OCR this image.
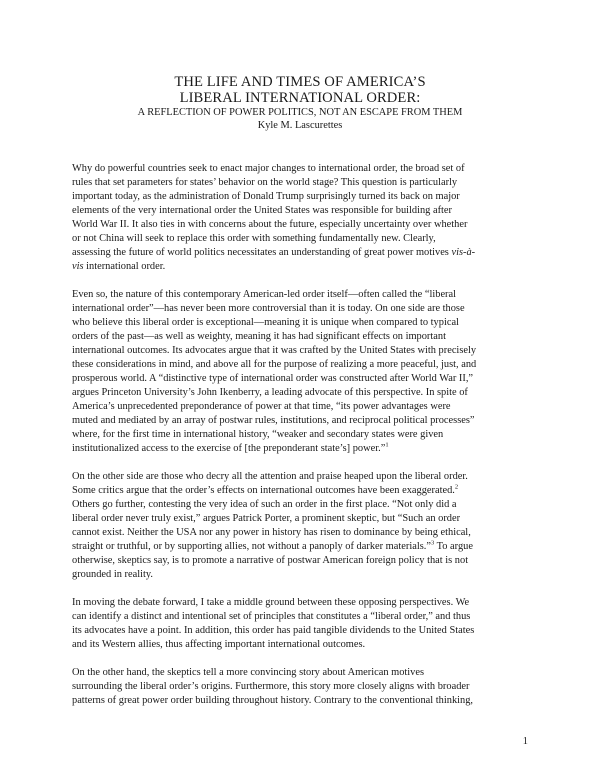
THE LIFE AND TIMES OF AMERICA’S
LIBERAL INTERNATIONAL ORDER:
A REFLECTION OF POWER POLITICS, NOT AN ESCAPE FROM THEM
Kyle M. Lascurettes

Why do powerful countries seek to enact major changes to international order, the broad set of
rules that set parameters for states’ behavior on the world stage? This question is particularly
important today, as the administration of Donald Trump surprisingly turned its back on major
elements of the very international order the United States was responsible for building after
World War II. It also ties in with concerns about the future, especially uncertainty over whether
or not China will seek to replace this order with something fundamentally new. Clearly,
assessing the future of world politics necessitates an understanding of great power motives vis-à-
vis international order.

Even so, the nature of this contemporary American-led order itself—often called the “liberal
international order”—has never been more controversial than it is today. On one side are those
who believe this liberal order is exceptional—meaning it is unique when compared to typical
orders of the past—as well as weighty, meaning it has had significant effects on important
international outcomes. Its advocates argue that it was crafted by the United States with precisely
these considerations in mind, and above all for the purpose of realizing a more peaceful, just, and
prosperous world. A “distinctive type of international order was constructed after World War II,”
argues Princeton University’s John Ikenberry, a leading advocate of this perspective. In spite of
America’s unprecedented preponderance of power at that time, “its power advantages were
muted and mediated by an array of postwar rules, institutions, and reciprocal political processes”
where, for the first time in international history, “weaker and secondary states were given
institutionalized access to the exercise of [the preponderant state’s] power.”$^1$

On the other side are those who decry all the attention and praise heaped upon the liberal order.
Some critics argue that the order’s effects on international outcomes have been exaggerated.$^2$
Others go further, contesting the very idea of such an order in the first place. “Not only did a
liberal order never truly exist,” argues Patrick Porter, a prominent skeptic, but “Such an order
cannot exist. Neither the USA nor any power in history has risen to dominance by being ethical,
straight or truthful, or by supporting allies, not without a panoply of darker materials.”$^3$ To argue
otherwise, skeptics say, is to promote a narrative of postwar American foreign policy that is not
grounded in reality.

In moving the debate forward, I take a middle ground between these opposing perspectives. We
can identify a distinct and intentional set of principles that constitutes a “liberal order,” and thus
its advocates have a point. In addition, this order has paid tangible dividends to the United States
and its Western allies, thus affecting important international outcomes.

On the other hand, the skeptics tell a more convincing story about American motives
surrounding the liberal order’s origins. Furthermore, this story more closely aligns with broader
patterns of great power order building throughout history. Contrary to the conventional thinking,

1
